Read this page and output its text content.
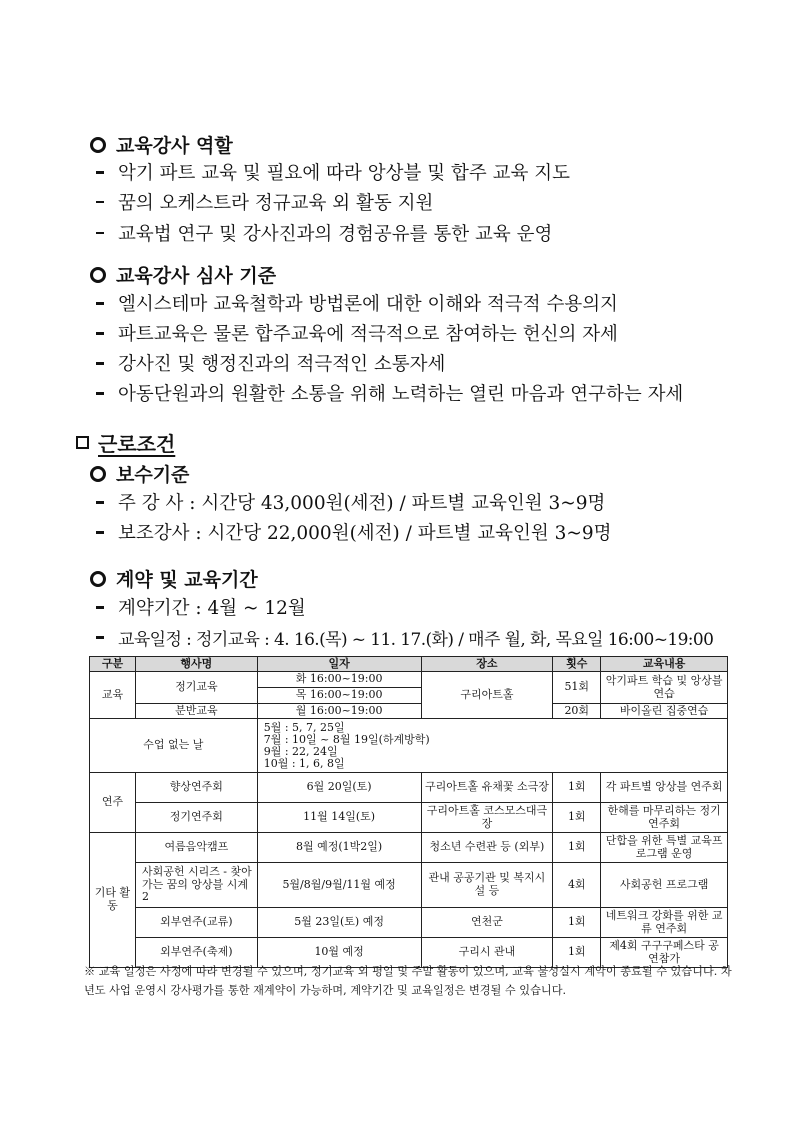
교육강사 역할
악기 파트 교육 및 필요에 따라 앙상블 및 합주 교육 지도
꿈의 오케스트라 정규교육 외 활동 지원
교육법 연구 및 강사진과의 경험공유를 통한 교육 운영
교육강사 심사 기준
엘시스테마 교육철학과 방법론에 대한 이해와 적극적 수용의지
파트교육은 물론 합주교육에 적극적으로 참여하는 헌신의 자세
강사진 및 행정진과의 적극적인 소통자세
아동단원과의 원활한 소통을 위해 노력하는 열린 마음과 연구하는 자세
근로조건
보수기준
주 강 사 : 시간당 43,000원(세전) / 파트별 교육인원 3~9명
보조강사 : 시간당 22,000원(세전) / 파트별 교육인원 3~9명
계약 및 교육기간
계약기간 : 4월 ~ 12월
교육일정 : 정기교육 : 4. 16.(목) ~ 11. 17.(화) / 매주 월, 화, 목요일 16:00~19:00
구분	행사명	일자	장소	횟수	교육내용
교육	정기교육	화 16:00~19:00	구리아트홀	51회	악기파트 학습 및 앙상블연습
		목 16:00~19:00			
	분반교육	월 16:00~19:00		20회	바이올린 집중연습
수업 없는 날		5월 : 5, 7, 25일
7월 : 10일 ~ 8월 19일(하계방학)
9월 : 22, 24일
10월 : 1, 6, 8일			

연주	향상연주회	6월 20일(토)	구리아트홀 유채꽃 소극장	1회	각 파트별 앙상블 연주회
	정기연주회	11월 14일(토)	구리아트홀 코스모스대극장	1회	한해를 마무리하는 정기연주회
기타 활동	여름음악캠프	8월 예정(1박2일)	청소년 수련관 등 (외부)	1회	단합을 위한 특별 교육프로그램 운영
	사회공헌 시리즈 - 찾아가는 꿈의 앙상블 시계 2	5월/8월/9월/11월 예정	관내 공공기관 및 복지시설 등	4회	사회공헌 프로그램
	외부연주(교류)	5월 23일(토) 예정	연천군	1회	네트워크 강화를 위한 교류 연주회
	외부연주(축제)	10월 예정	구리시 관내	1회	제4회 구구구페스타 공연참가
※ 교육 일정은 사정에 따라 변경될 수 있으며, 정기교육 외 평일 및 주말 활동이 있으며, 교육 불성실시 계약이 종료될 수 있습니다. 차년도 사업 운영시 강사평가를 통한 재계약이 가능하며, 계약기간 및 교육일정은 변경될 수 있습니다.
